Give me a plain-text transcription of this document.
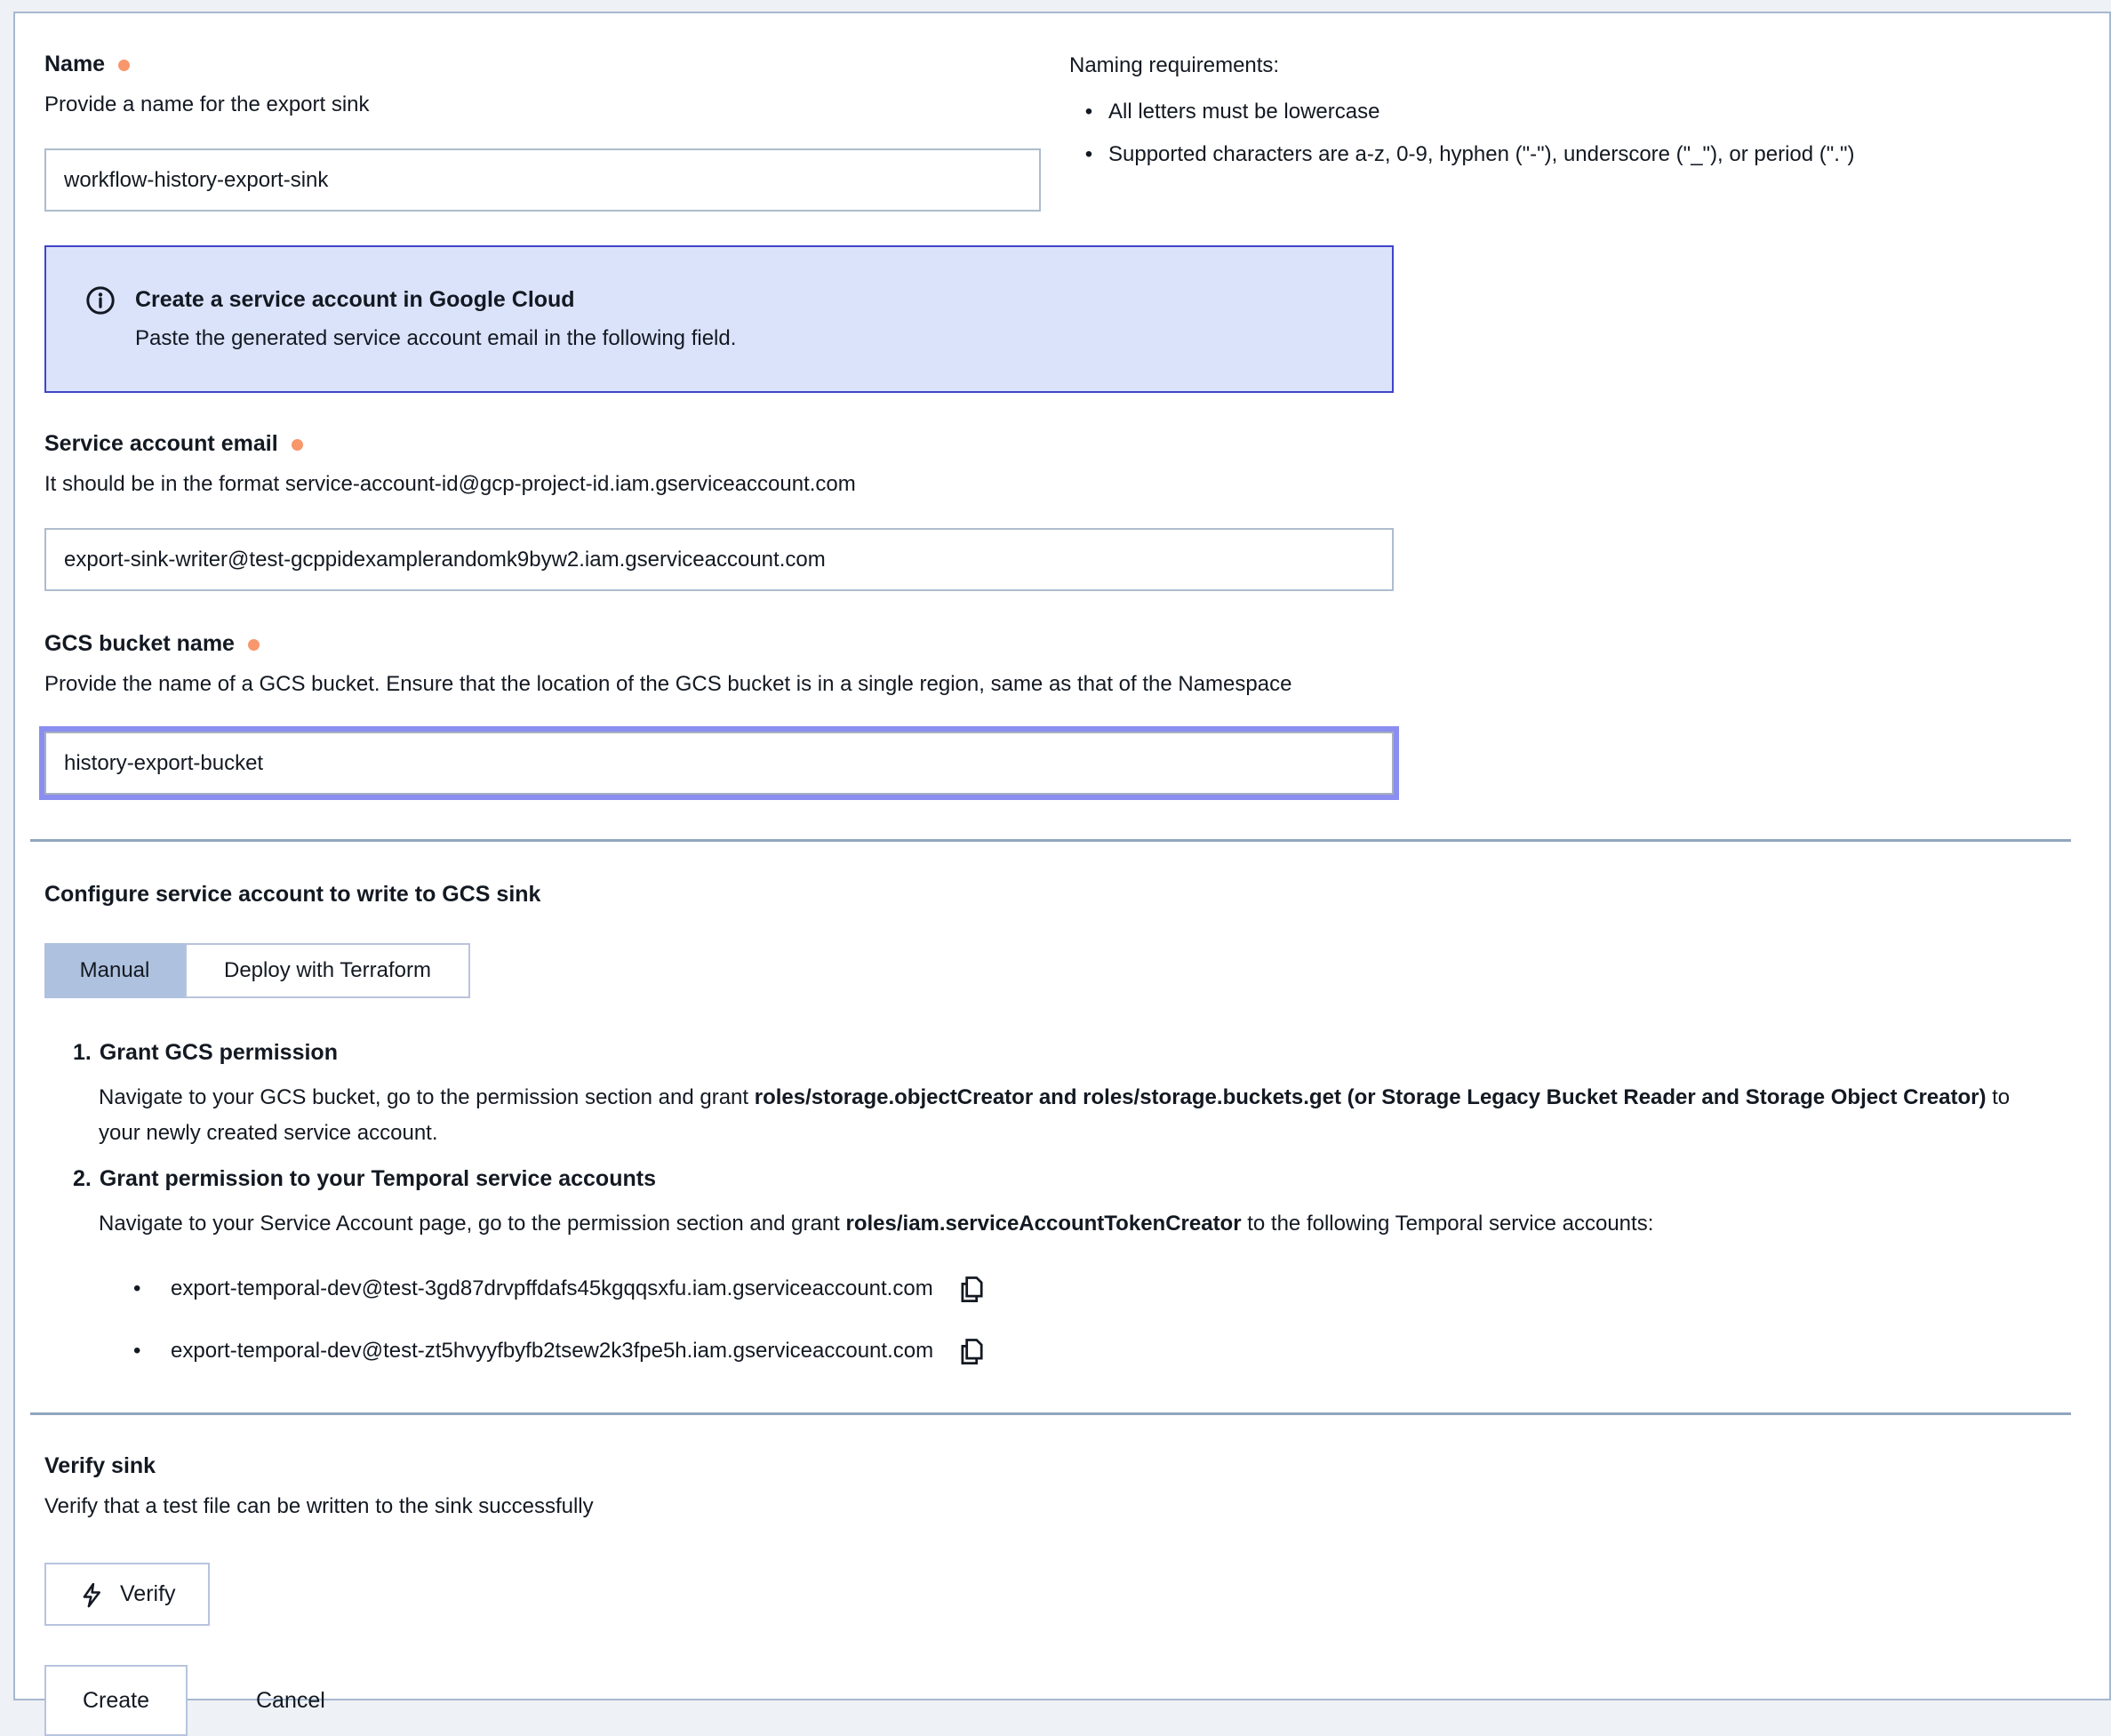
Name
Provide a name for the export sink
workflow-history-export-sink
Naming requirements:
• All letters must be lowercase
• Supported characters are a-z, 0-9, hyphen ("-"), underscore ("_"), or period (".")
Create a service account in Google Cloud
Paste the generated service account email in the following field.
Service account email
It should be in the format service-account-id@gcp-project-id.iam.gserviceaccount.com
export-sink-writer@test-gcppidexamplerandomk9byw2.iam.gserviceaccount.com
GCS bucket name
Provide the name of a GCS bucket. Ensure that the location of the GCS bucket is in a single region, same as that of the Namespace
history-export-bucket
Configure service account to write to GCS sink
Manual	Deploy with Terraform
1. Grant GCS permission
Navigate to your GCS bucket, go to the permission section and grant roles/storage.objectCreator and roles/storage.buckets.get (or Storage Legacy Bucket Reader and Storage Object Creator) to your newly created service account.
2. Grant permission to your Temporal service accounts
Navigate to your Service Account page, go to the permission section and grant roles/iam.serviceAccountTokenCreator to the following Temporal service accounts:
•	export-temporal-dev@test-3gd87drvpffdafs45kgqqsxfu.iam.gserviceaccount.com
•	export-temporal-dev@test-zt5hvyyfbyfb2tsew2k3fpe5h.iam.gserviceaccount.com
Verify sink
Verify that a test file can be written to the sink successfully
Verify
Create	Cancel
